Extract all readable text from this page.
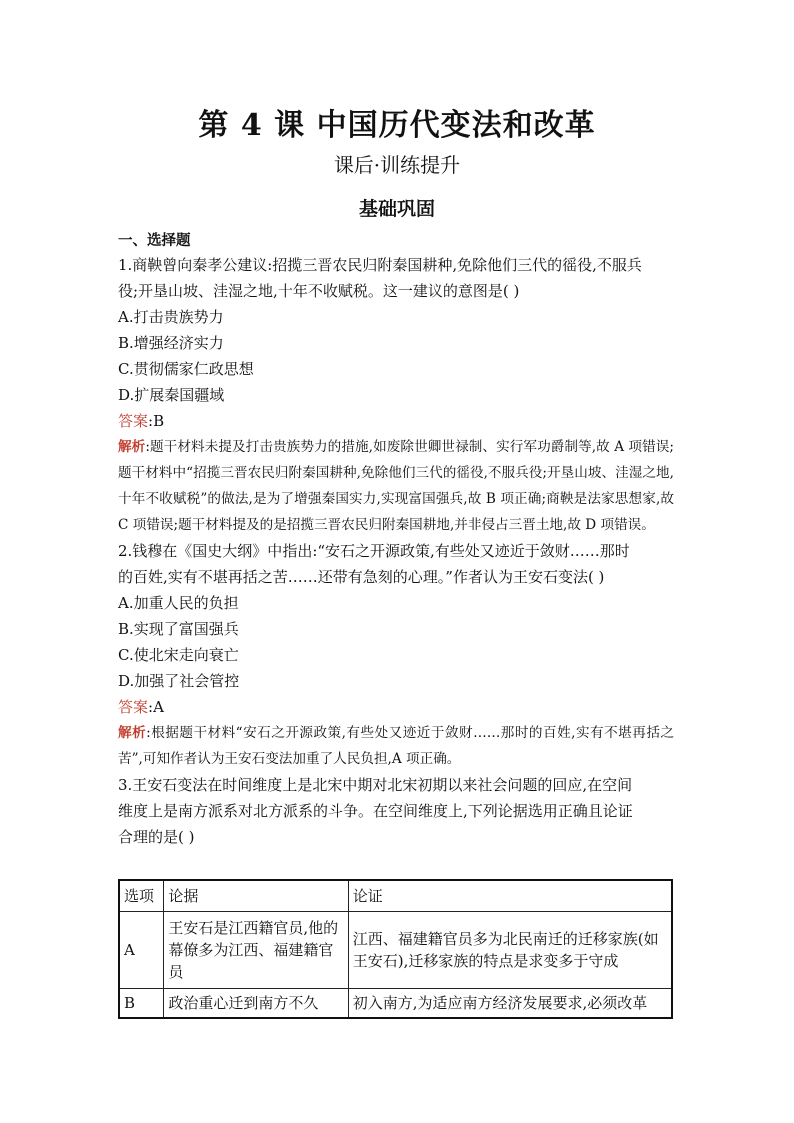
第 4 课 中国历代变法和改革
课后·训练提升
基础巩固
一、选择题
1.商鞅曾向秦孝公建议:招揽三晋农民归附秦国耕种,免除他们三代的徭役,不服兵
役;开垦山坡、洼湿之地,十年不收赋税。这一建议的意图是( )
A.打击贵族势力
B.增强经济实力
C.贯彻儒家仁政思想
D.扩展秦国疆域
答案:B
解析:题干材料未提及打击贵族势力的措施,如废除世卿世禄制、实行军功爵制等,故 A 项错误;题干材料中“招揽三晋农民归附秦国耕种,免除他们三代的徭役,不服兵役;开垦山坡、洼湿之地,十年不收赋税”的做法,是为了增强秦国实力,实现富国强兵,故 B 项正确;商鞅是法家思想家,故 C 项错误;题干材料提及的是招揽三晋农民归附秦国耕地,并非侵占三晋土地,故 D 项错误。
2.钱穆在《国史大纲》中指出:“安石之开源政策,有些处又迹近于敛财……那时
的百姓,实有不堪再括之苦……还带有急刻的心理。”作者认为王安石变法( )
A.加重人民的负担
B.实现了富国强兵
C.使北宋走向衰亡
D.加强了社会管控
答案:A
解析:根据题干材料“安石之开源政策,有些处又迹近于敛财……那时的百姓,实有不堪再括之苦”,可知作者认为王安石变法加重了人民负担,A 项正确。
3.王安石变法在时间维度上是北宋中期对北宋初期以来社会问题的回应,在空间
维度上是南方派系对北方派系的斗争。在空间维度上,下列论据选用正确且论证
合理的是( )
选项	论据	论证
A	王安石是江西籍官员,他的幕僚多为江西、福建籍官员	江西、福建籍官员多为北民南迁的迁移家族(如王安石),迁移家族的特点是求变多于守成
B	政治重心迁到南方不久	初入南方,为适应南方经济发展要求,必须改革
